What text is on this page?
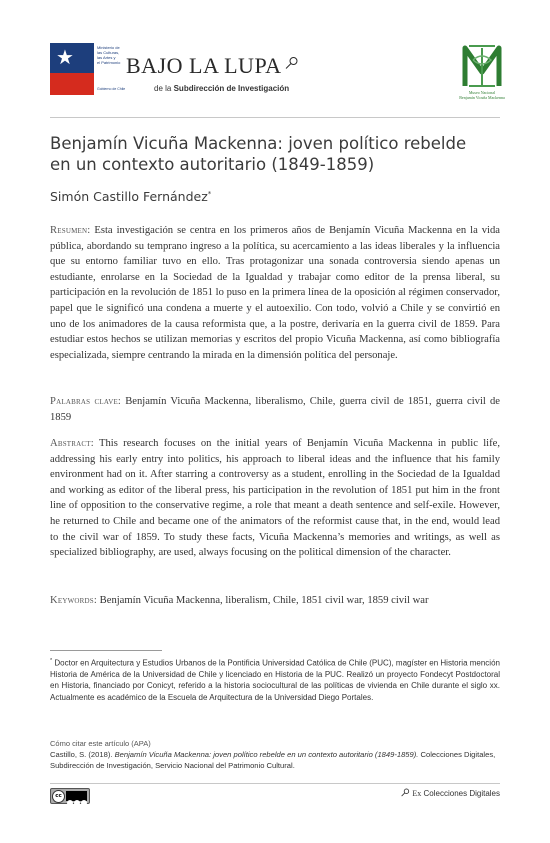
★	Ministerio de
las Culturas,
las Artes y
el Patrimonio
Gobierno de Chile
BAJO LA LUPA
de la Subdirección de Investigación	Museo Nacional
Benjamín Vicuña Mackenna
Benjamín Vicuña Mackenna: joven político rebelde
en un contexto autoritario (1849-1859)
Simón Castillo Fernández*
Resumen: Esta investigación se centra en los primeros años de Benjamín Vicuña Mackenna en la vida pública, abordando su temprano ingreso a la política, su acercamiento a las ideas liberales y la influencia que su entorno familiar tuvo en ello. Tras protagonizar una sonada controversia siendo apenas un estudiante, enrolarse en la Sociedad de la Igualdad y trabajar como editor de la prensa liberal, su participación en la revolución de 1851 lo puso en la primera línea de la oposición al régimen conservador, papel que le significó una condena a muerte y el autoexilio. Con todo, volvió a Chile y se convirtió en uno de los animadores de la causa reformista que, a la postre, derivaría en la guerra civil de 1859. Para estudiar estos hechos se utilizan memorias y escritos del propio Vicuña Mackenna, así como bibliografía especializada, siempre centrando la mirada en la dimensión política del personaje.
Palabras clave: Benjamín Vicuña Mackenna, liberalismo, Chile, guerra civil de 1851, guerra civil de 1859
Abstract: This research focuses on the initial years of Benjamín Vicuña Mackenna in public life, addressing his early entry into politics, his approach to liberal ideas and the influence that his family environment had on it. After starring a controversy as a student, enrolling in the Sociedad de la Igualdad and working as editor of the liberal press, his participation in the revolution of 1851 put him in the front line of opposition to the conservative regime, a role that meant a death sentence and self-exile. However, he returned to Chile and became one of the animators of the reformist cause that, in the end, would lead to the civil war of 1859. To study these facts, Vicuña Mackenna’s memories and writings, as well as specialized bibliography, are used, always focusing on the political dimension of the character.
Keywords: Benjamín Vicuña Mackenna, liberalism, Chile, 1851 civil war, 1859 civil war
* Doctor en Arquitectura y Estudios Urbanos de la Pontificia Universidad Católica de Chile (PUC), magíster en Historia mención Historia de América de la Universidad de Chile y licenciado en Historia de la PUC. Realizó un proyecto Fondecyt Postdoctoral en Historia, financiado por Conicyt, referido a la historia sociocultural de las políticas de vivienda en Chile durante el siglo xx. Actualmente es académico de la Escuela de Arquitectura de la Universidad Diego Portales.
Cómo citar este artículo (APA)
Castillo, S. (2018). Benjamín Vicuña Mackenna: joven político rebelde en un contexto autoritario (1849-1859). Colecciones Digitales, Subdirección de Investigación, Servicio Nacional del Patrimonio Cultural.
cc	Ex Colecciones Digitales
